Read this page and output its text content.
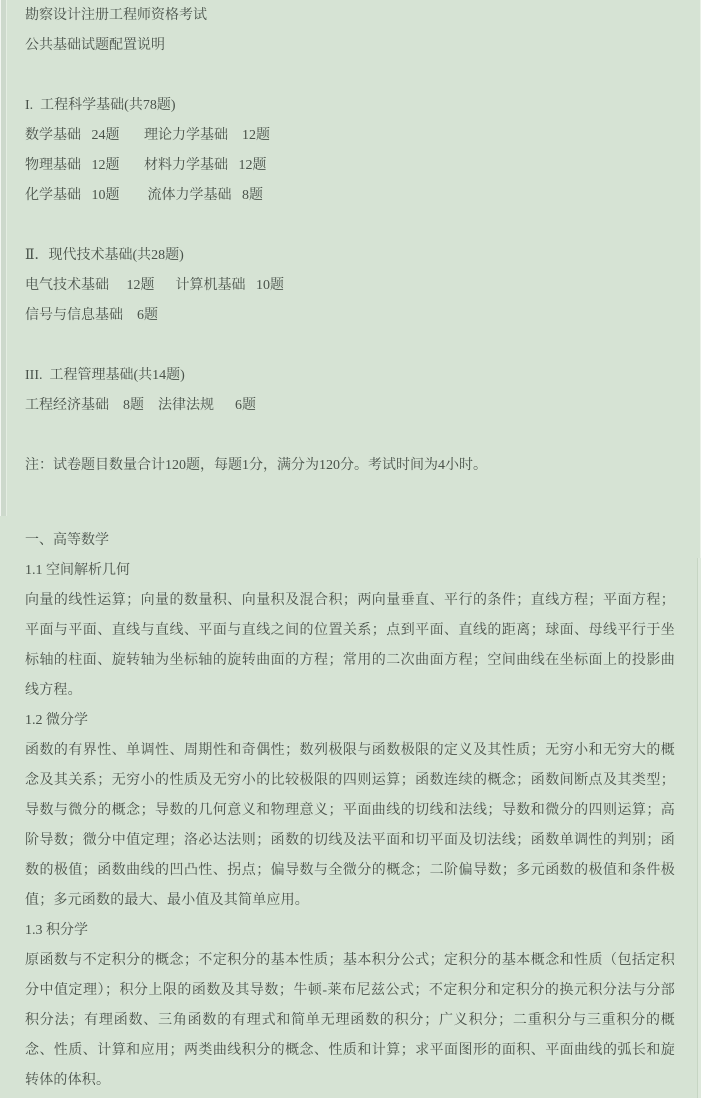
勘察设计注册工程师资格考试
公共基础试题配置说明
I.  工程科学基础(共78题)
数学基础   24题       理论力学基础    12题
物理基础   12题       材料力学基础   12题
化学基础   10题        流体力学基础   8题
Ⅱ．现代技术基础(共28题)
电气技术基础     12题      计算机基础   10题
信号与信息基础    6题
III.  工程管理基础(共14题)
工程经济基础    8题    法律法规      6题
注：试卷题目数量合计120题，每题1分，满分为120分。考试时间为4小时。
一、高等数学
1.1 空间解析几何
向量的线性运算；向量的数量积、向量积及混合积；两向量垂直、平行的条件；直线方程；平面方程；平面与平面、直线与直线、平面与直线之间的位置关系；点到平面、直线的距离；球面、母线平行于坐标轴的柱面、旋转轴为坐标轴的旋转曲面的方程；常用的二次曲面方程；空间曲线在坐标面上的投影曲线方程。
1.2 微分学
函数的有界性、单调性、周期性和奇偶性；数列极限与函数极限的定义及其性质；无穷小和无穷大的概念及其关系；无穷小的性质及无穷小的比较极限的四则运算；函数连续的概念；函数间断点及其类型； 导数与微分的概念；导数的几何意义和物理意义；平面曲线的切线和法线；导数和微分的四则运算；高阶导数；微分中值定理；洛必达法则；函数的切线及法平面和切平面及切法线；函数单调性的判别；函数的极值；函数曲线的凹凸性、拐点；偏导数与全微分的概念；二阶偏导数；多元函数的极值和条件极值；多元函数的最大、最小值及其简单应用。
1.3 积分学
原函数与不定积分的概念；不定积分的基本性质；基本积分公式；定积分的基本概念和性质（包括定积分中值定理）；积分上限的函数及其导数；牛顿-莱布尼兹公式；不定积分和定积分的换元积分法与分部积分法；有理函数、三角函数的有理式和简单无理函数的积分；广义积分；二重积分与三重积分的概念、性质、计算和应用；两类曲线积分的概念、性质和计算；求平面图形的面积、平面曲线的弧长和旋转体的体积。
